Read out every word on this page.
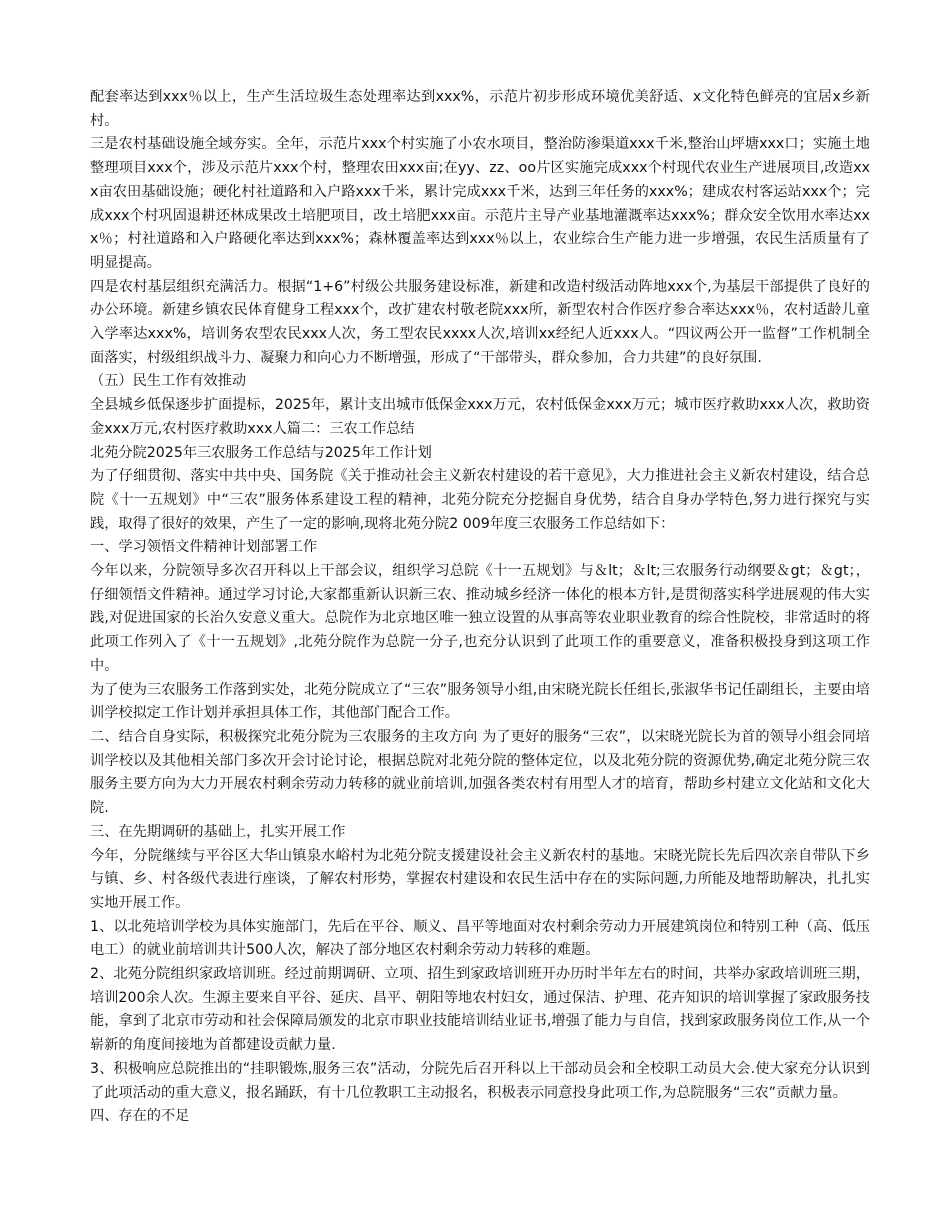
配套率达到xxx％以上，生产生活垃圾生态处理率达到xxx%，示范片初步形成环境优美舒适、x文化特色鲜亮的宜居x乡新村。

三是农村基础设施全域夯实。全年，示范片xxx个村实施了小农水项目，整治防渗渠道xxx千米,整治山坪塘xxx口；实施土地整理项目xxx个，涉及示范片xxx个村，整理农田xxx亩;在yy、zz、oo片区实施完成xxx个村现代农业生产进展项目,改造xxx亩农田基础设施；硬化村社道路和入户路xxx千米，累计完成xxx千米，达到三年任务的xxx%；建成农村客运站xxx个；完成xxx个村巩固退耕还林成果改土培肥项目，改土培肥xxx亩。示范片主导产业基地灌溉率达xxx%；群众安全饮用水率达xxx％；村社道路和入户路硬化率达到xxx%；森林覆盖率达到xxx％以上，农业综合生产能力进一步增强，农民生活质量有了明显提高。

四是农村基层组织充满活力。根据“1+6”村级公共服务建设标准，新建和改造村级活动阵地xxx个,为基层干部提供了良好的办公环境。新建乡镇农民体育健身工程xxx个，改扩建农村敬老院xxx所，新型农村合作医疗参合率达xxx％，农村适龄儿童入学率达xxx%，培训务农型农民xxx人次，务工型农民xxxx人次,培训xx经纪人近xxx人。“四议两公开一监督”工作机制全面落实，村级组织战斗力、凝聚力和向心力不断增强，形成了“干部带头，群众参加，合力共建”的良好氛围.

（五）民生工作有效推动

全县城乡低保逐步扩面提标，2025年，累计支出城市低保金xxx万元，农村低保金xxx万元；城市医疗救助xxx人次，救助资金xxx万元,农村医疗救助xxx人篇二：三农工作总结

北苑分院2025年三农服务工作总结与2025年工作计划

为了仔细贯彻、落实中共中央、国务院《关于推动社会主义新农村建设的若干意见》，大力推进社会主义新农村建设，结合总院《十一五规划》中“三农”服务体系建设工程的精神，北苑分院充分挖掘自身优势，结合自身办学特色,努力进行探究与实践，取得了很好的效果，产生了一定的影响,现将北苑分院2 009年度三农服务工作总结如下：

一、学习领悟文件精神计划部署工作

今年以来，分院领导多次召开科以上干部会议，组织学习总院《十一五规划》与＆lt；＆lt;三农服务行动纲要＆gt；＆gt；，仔细领悟文件精神。通过学习讨论,大家都重新认识新三农、推动城乡经济一体化的根本方针,是贯彻落实科学进展观的伟大实践,对促进国家的长治久安意义重大。总院作为北京地区唯一独立设置的从事高等农业职业教育的综合性院校，非常适时的将此项工作列入了《十一五规划》,北苑分院作为总院一分子,也充分认识到了此项工作的重要意义，准备积极投身到这项工作中。

为了使为三农服务工作落到实处，北苑分院成立了“三农”服务领导小组,由宋晓光院长任组长,张淑华书记任副组长，主要由培训学校拟定工作计划并承担具体工作，其他部门配合工作。

二、结合自身实际，积极探究北苑分院为三农服务的主攻方向 为了更好的服务“三农”，以宋晓光院长为首的领导小组会同培训学校以及其他相关部门多次开会讨论讨论，根据总院对北苑分院的整体定位，以及北苑分院的资源优势,确定北苑分院三农服务主要方向为大力开展农村剩余劳动力转移的就业前培训,加强各类农村有用型人才的培育，帮助乡村建立文化站和文化大院.

三、在先期调研的基础上，扎实开展工作

今年，分院继续与平谷区大华山镇泉水峪村为北苑分院支援建设社会主义新农村的基地。宋晓光院长先后四次亲自带队下乡与镇、乡、村各级代表进行座谈，了解农村形势，掌握农村建设和农民生活中存在的实际问题,力所能及地帮助解决，扎扎实实地开展工作。

1、以北苑培训学校为具体实施部门，先后在平谷、顺义、昌平等地面对农村剩余劳动力开展建筑岗位和特别工种（高、低压电工）的就业前培训共计500人次，解决了部分地区农村剩余劳动力转移的难题。

2、北苑分院组织家政培训班。经过前期调研、立项、招生到家政培训班开办历时半年左右的时间，共举办家政培训班三期，培训200余人次。生源主要来自平谷、延庆、昌平、朝阳等地农村妇女，通过保洁、护理、花卉知识的培训掌握了家政服务技能，拿到了北京市劳动和社会保障局颁发的北京市职业技能培训结业证书,增强了能力与自信，找到家政服务岗位工作,从一个崭新的角度间接地为首都建设贡献力量.

3、积极响应总院推出的“挂职锻炼,服务三农”活动，分院先后召开科以上干部动员会和全校职工动员大会.使大家充分认识到了此项活动的重大意义，报名踊跃，有十几位教职工主动报名，积极表示同意投身此项工作,为总院服务“三农”贡献力量。

四、存在的不足
